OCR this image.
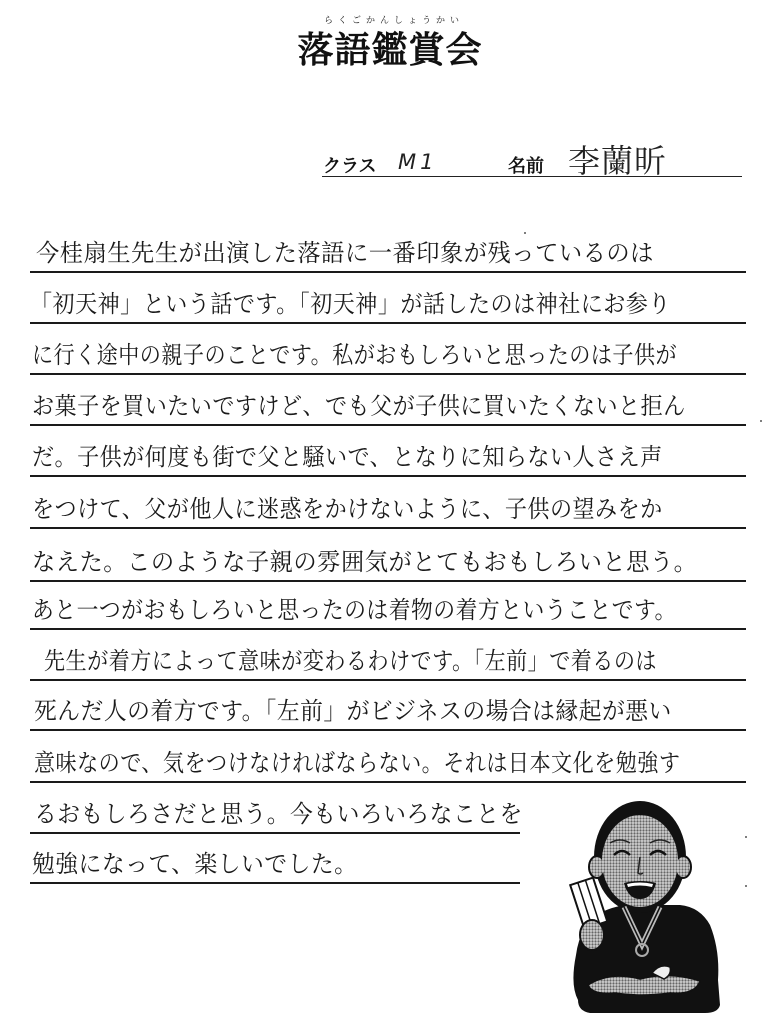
らくごかんしょうかい
落語鑑賞会
クラス M1	名前 李蘭昕
今桂扇生先生が出演した落語に一番印象が残っているのは
「初天神」という話です。「初天神」が話したのは神社にお参り
に行く途中の親子のことです。私がおもしろいと思ったのは子供が
お菓子を買いたいですけど、でも父が子供に買いたくないと拒ん
だ。子供が何度も街で父と騒いで、となりに知らない人さえ声
をつけて、父が他人に迷惑をかけないように、子供の望みをか
なえた。このような子親の雰囲気がとてもおもしろいと思う。
あと一つがおもしろいと思ったのは着物の着方ということです。
先生が着方によって意味が変わるわけです。「左前」で着るのは
死んだ人の着方です。「左前」がビジネスの場合は縁起が悪い
意味なので、気をつけなければならない。それは日本文化を勉強す
るおもしろさだと思う。今もいろいろなことを
勉強になって、楽しいでした。
